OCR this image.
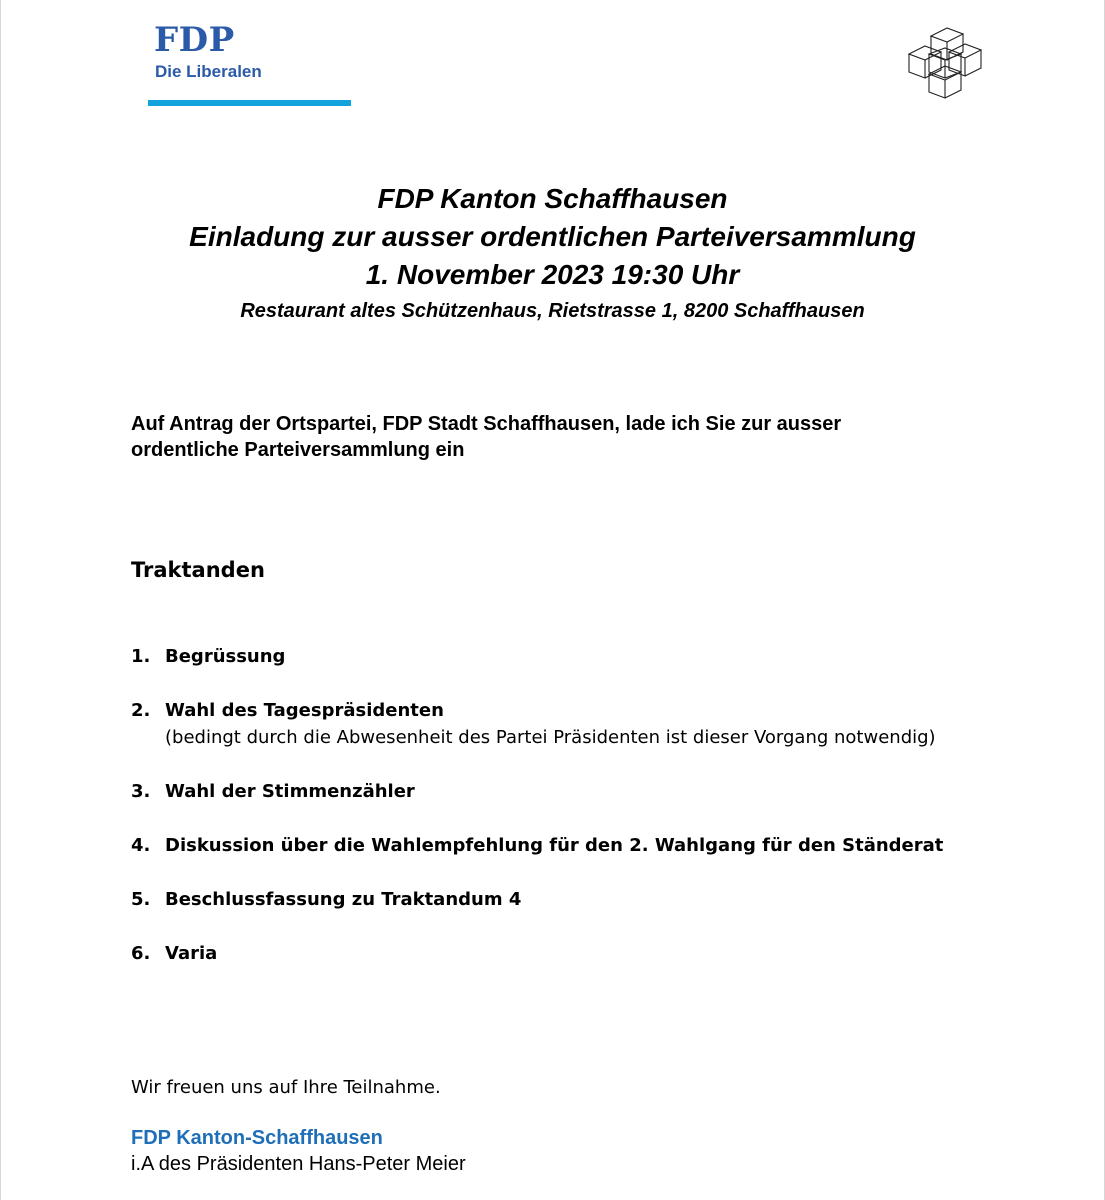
FDP
Die Liberalen
FDP Kanton Schaffhausen
Einladung zur ausser ordentlichen Parteiversammlung
1. November 2023 19:30 Uhr
Restaurant altes Schützenhaus, Rietstrasse 1, 8200 Schaffhausen
Auf Antrag der Ortspartei, FDP Stadt Schaffhausen, lade ich Sie zur ausser ordentliche Parteiversammlung ein
Traktanden
1. Begrüssung
2. Wahl des Tagespräsidenten
(bedingt durch die Abwesenheit des Partei Präsidenten ist dieser Vorgang notwendig)
3. Wahl der Stimmenzähler
4. Diskussion über die Wahlempfehlung für den 2. Wahlgang für den Ständerat
5. Beschlussfassung zu Traktandum 4
6. Varia
Wir freuen uns auf Ihre Teilnahme.
FDP Kanton-Schaffhausen
i.A des Präsidenten Hans-Peter Meier
